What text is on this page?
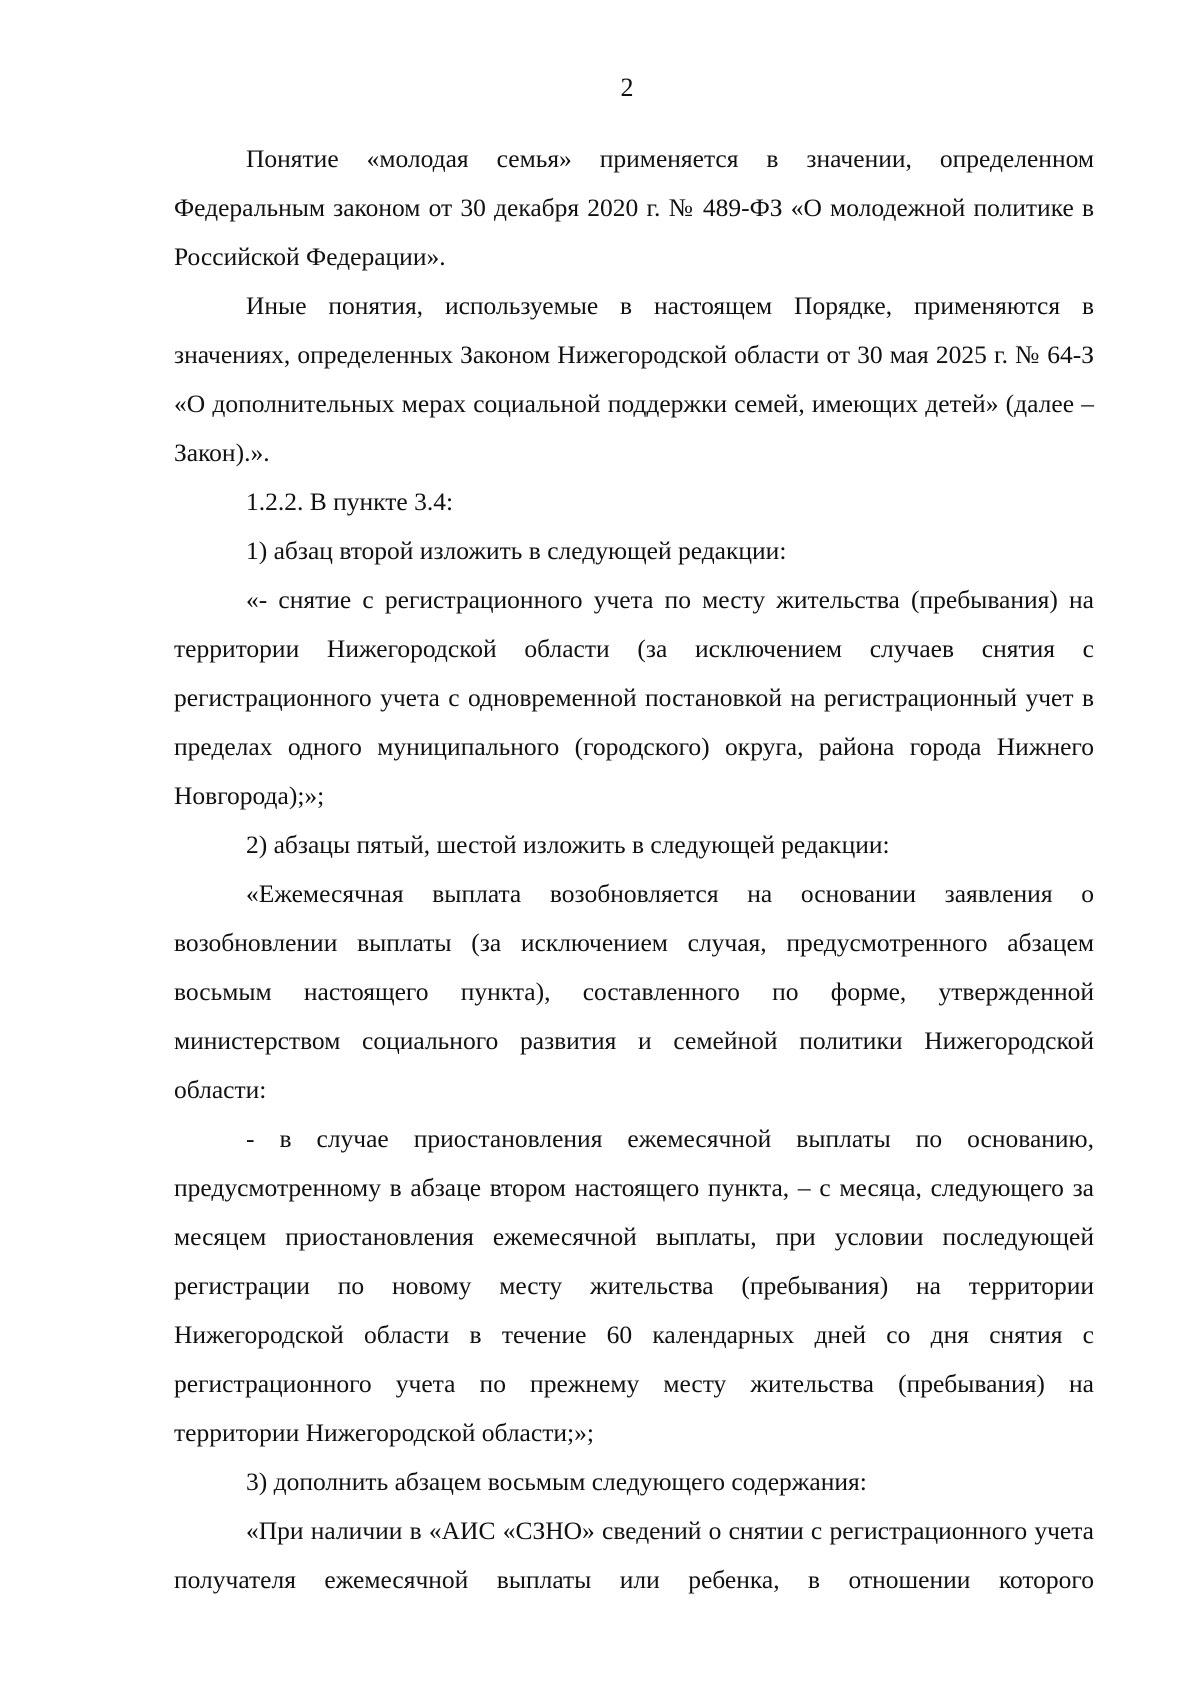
2

Понятие «молодая семья» применяется в значении, определенном Федеральным законом от 30 декабря 2020 г. № 489-ФЗ «О молодежной политике в Российской Федерации».

Иные понятия, используемые в настоящем Порядке, применяются в значениях, определенных Законом Нижегородской области от 30 мая 2025 г. № 64-З «О дополнительных мерах социальной поддержки семей, имеющих детей» (далее – Закон).».

1.2.2. В пункте 3.4:

1) абзац второй изложить в следующей редакции:

«- снятие с регистрационного учета по месту жительства (пребывания) на территории Нижегородской области (за исключением случаев снятия с регистрационного учета с одновременной постановкой на регистрационный учет в пределах одного муниципального (городского) округа, района города Нижнего Новгорода);»;

2) абзацы пятый, шестой изложить в следующей редакции:

«Ежемесячная выплата возобновляется на основании заявления о возобновлении выплаты (за исключением случая, предусмотренного абзацем восьмым настоящего пункта), составленного по форме, утвержденной министерством социального развития и семейной политики Нижегородской области:

- в случае приостановления ежемесячной выплаты по основанию, предусмотренному в абзаце втором настоящего пункта, – с месяца, следующего за месяцем приостановления ежемесячной выплаты, при условии последующей регистрации по новому месту жительства (пребывания) на территории Нижегородской области в течение 60 календарных дней со дня снятия с регистрационного учета по прежнему месту жительства (пребывания) на территории Нижегородской области;»;

3) дополнить абзацем восьмым следующего содержания:

«При наличии в «АИС «СЗНО» сведений о снятии с регистрационного учета получателя ежемесячной выплаты или ребенка, в отношении которого
